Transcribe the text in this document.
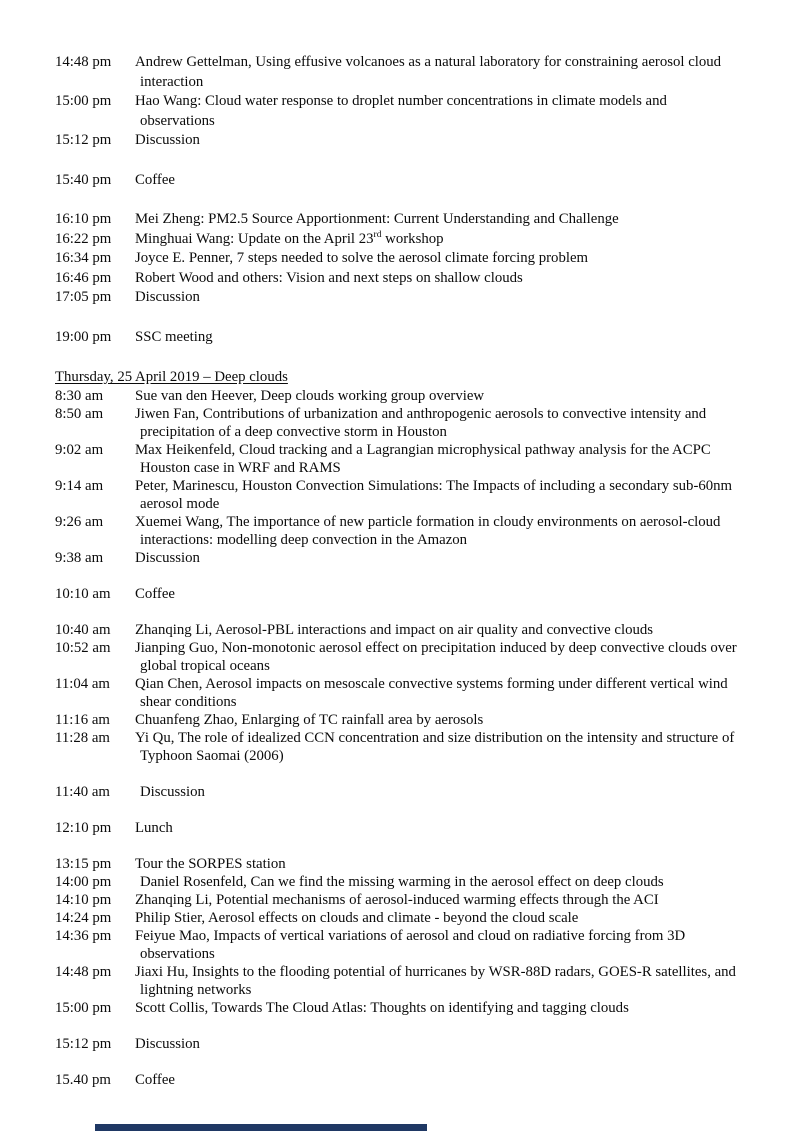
14:48 pm	Andrew Gettelman, Using effusive volcanoes as a natural laboratory for constraining aerosol cloud
interaction
15:00 pm	Hao Wang: Cloud water response to droplet number concentrations in climate models and
observations
15:12 pm	Discussion
15:40 pm	Coffee
16:10 pm	Mei Zheng: PM2.5 Source Apportionment: Current Understanding and Challenge
16:22 pm	Minghuai Wang: Update on the April 23rd workshop
16:34 pm	Joyce E. Penner, 7 steps needed to solve the aerosol climate forcing problem
16:46 pm	Robert Wood and others: Vision and next steps on shallow clouds
17:05 pm	Discussion
19:00 pm	SSC meeting
Thursday, 25 April 2019 – Deep clouds
8:30 am	Sue van den Heever, Deep clouds working group overview
8:50 am	Jiwen Fan, Contributions of urbanization and anthropogenic aerosols to convective intensity and
precipitation of a deep convective storm in Houston
9:02 am	Max Heikenfeld, Cloud tracking and a Lagrangian microphysical pathway analysis for the ACPC
Houston case in WRF and RAMS
9:14 am	Peter, Marinescu, Houston Convection Simulations: The Impacts of including a secondary sub-60nm
aerosol mode
9:26 am	Xuemei Wang, The importance of new particle formation in cloudy environments on aerosol-cloud
interactions: modelling deep convection in the Amazon
9:38 am	Discussion
10:10 am	Coffee
10:40 am	Zhanqing Li, Aerosol-PBL interactions and impact on air quality and convective clouds
10:52 am	Jianping Guo, Non-monotonic aerosol effect on precipitation induced by deep convective clouds over
global tropical oceans
11:04 am	Qian Chen, Aerosol impacts on mesoscale convective systems forming under different vertical wind
shear conditions
11:16 am	Chuanfeng Zhao, Enlarging of TC rainfall area by aerosols
11:28 am	Yi Qu, The role of idealized CCN concentration and size distribution on the intensity and structure of
Typhoon Saomai (2006)
11:40 am	Discussion
12:10 pm	Lunch
13:15 pm	Tour the SORPES station
14:00 pm	Daniel Rosenfeld, Can we find the missing warming in the aerosol effect on deep clouds
14:10 pm	Zhanqing Li, Potential mechanisms of aerosol-induced warming effects through the ACI
14:24 pm	Philip Stier, Aerosol effects on clouds and climate - beyond the cloud scale
14:36 pm	Feiyue Mao, Impacts of vertical variations of aerosol and cloud on radiative forcing from 3D
observations
14:48 pm	Jiaxi Hu, Insights to the flooding potential of hurricanes by WSR-88D radars, GOES-R satellites, and
lightning networks
15:00 pm	Scott Collis, Towards The Cloud Atlas: Thoughts on identifying and tagging clouds
15:12 pm	Discussion
15.40 pm	Coffee
